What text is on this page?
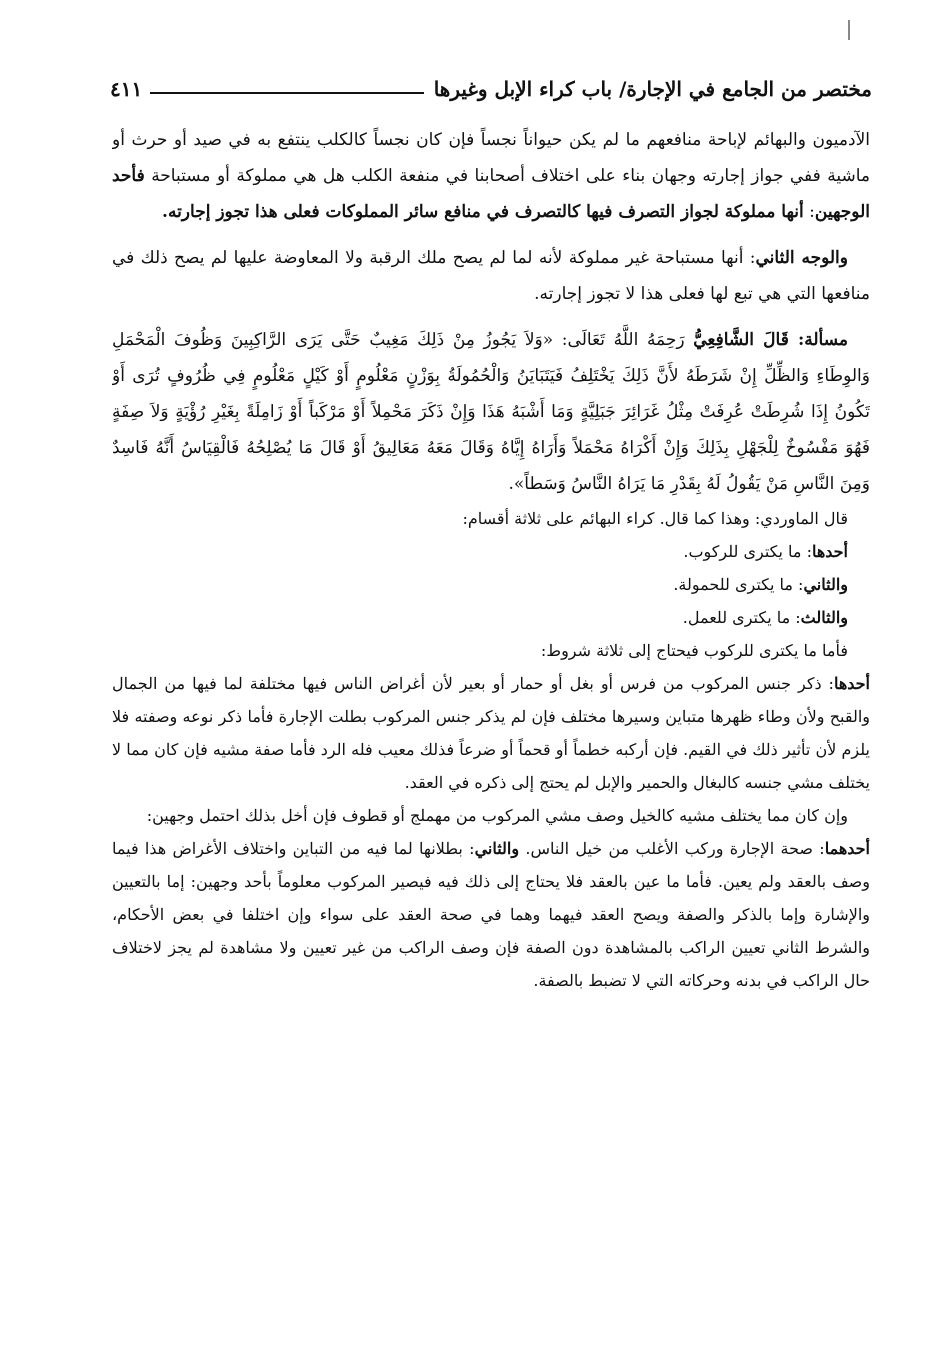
مختصر من الجامع في الإجارة/ باب كراء الإبل وغيرها
٤١١

الآدميون والبهائم لإباحة منافعهم ما لم يكن حيواناً نجساً فإن كان نجساً كالكلب ينتفع به في صيد أو حرث أو ماشية ففي جواز إجارته وجهان بناء على اختلاف أصحابنا في منفعة الكلب هل هي مملوكة أو مستباحة فأحد الوجهين: أنها مملوكة لجواز التصرف فيها كالتصرف في منافع سائر المملوكات فعلى هذا تجوز إجارته.

والوجه الثاني: أنها مستباحة غير مملوكة لأنه لما لم يصح ملك الرقبة ولا المعاوضة عليها لم يصح ذلك في منافعها التي هي تبع لها فعلى هذا لا تجوز إجارته.

مسألة: قَالَ الشَّافِعِيُّ رَحِمَهُ اللَّهُ تَعَالَى: «وَلاَ يَجُوزُ مِنْ ذَلِكَ مَغِيبٌ حَتَّى يَرَى الرَّاكِبِينَ وَظُوفَ الْمَحْمَلِ وَالوِطَاءِ وَالظِّلِّ إِنْ شَرَطَهُ لأَنَّ ذَلِكَ يَخْتَلِفُ فَيَتَبَايَنُ وَالْحُمُولَةُ بِوَزْنٍ مَعْلُومٍ أَوْ كَيْلٍ مَعْلُومٍ فِي ظُرُوفٍ تُرَى أَوْ تَكُونُ إِذَا شُرِطَتْ عُرِفَتْ مِثْلُ غَرَائِرَ جَبَلِيَّةٍ وَمَا أَشْبَهُ هَذَا وَإِنْ ذَكَرَ مَحْمِلاً أَوْ مَرْكَباً أَوْ زَامِلَةً بِغَيْرِ رُؤْيَةٍ وَلاَ صِفَةٍ فَهُوَ مَفْسُوخٌ لِلْجَهْلِ بِذَلِكَ وَإِنْ أَكْرَاهُ مَحْمَلاً وَأَرَاهُ إِيَّاهُ وَقَالَ مَعَهُ مَعَالِيقُ أَوْ قَالَ مَا يُصْلِحُهُ فَالْقِيَاسُ أَنَّهُ فَاسِدٌ وَمِنَ النَّاسِ مَنْ يَقُولُ لَهُ بِقَدْرِ مَا يَرَاهُ النَّاسُ وَسَطاً».

قال الماوردي: وهذا كما قال. كراء البهائم على ثلاثة أقسام:

أحدها: ما يكترى للركوب.

والثاني: ما يكترى للحمولة.

والثالث: ما يكترى للعمل.

فأما ما يكترى للركوب فيحتاج إلى ثلاثة شروط:

أحدها: ذكر جنس المركوب من فرس أو بغل أو حمار أو بعير لأن أغراض الناس فيها مختلفة لما فيها من الجمال والقبح ولأن وطاء ظهرها متباين وسيرها مختلف فإن لم يذكر جنس المركوب بطلت الإجارة فأما ذكر نوعه وصفته فلا يلزم لأن تأثير ذلك في القيم. فإن أركبه خطماً أو قحماً أو ضرعاً فذلك معيب فله الرد فأما صفة مشيه فإن كان مما لا يختلف مشي جنسه كالبغال والحمير والإبل لم يحتج إلى ذكره في العقد.

وإن كان مما يختلف مشيه كالخيل وصف مشي المركوب من مهملج أو قطوف فإن أخل بذلك احتمل وجهين:

أحدهما: صحة الإجارة وركب الأغلب من خيل الناس. والثاني: بطلانها لما فيه من التباين واختلاف الأغراض هذا فيما وصف بالعقد ولم يعين. فأما ما عين بالعقد فلا يحتاج إلى ذلك فيه فيصير المركوب معلوماً بأحد وجهين: إما بالتعيين والإشارة وإما بالذكر والصفة ويصح العقد فيهما وهما في صحة العقد على سواء وإن اختلفا في بعض الأحكام، والشرط الثاني تعيين الراكب بالمشاهدة دون الصفة فإن وصف الراكب من غير تعيين ولا مشاهدة لم يجز لاختلاف حال الراكب في بدنه وحركاته التي لا تضبط بالصفة.
